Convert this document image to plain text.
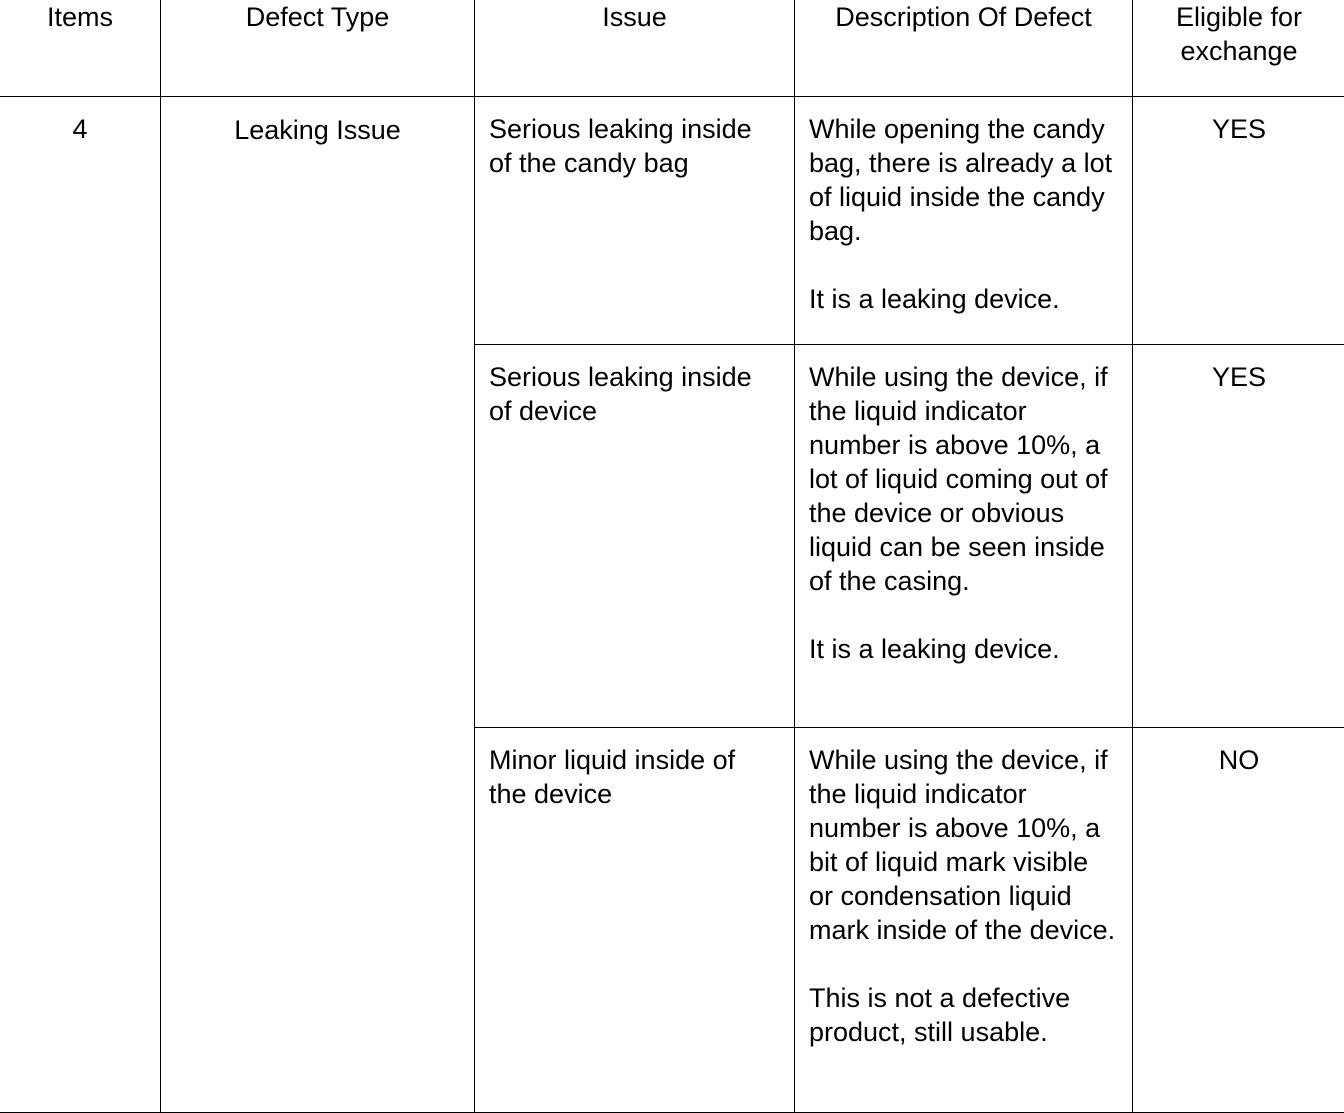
Items	Defect Type	Issue	Description Of Defect	Eligible for
exchange

4	Leaking Issue	Serious leaking inside of the candy bag	While opening the candy bag, there is already a lot of liquid inside the candy bag.
It is a leaking device.	YES
		Serious leaking inside of device	While using the device, if the liquid indicator number is above 10%, a lot of liquid coming out of the device or obvious liquid can be seen inside of the casing.
It is a leaking device.	YES
		Minor liquid inside of the device	While using the device, if the liquid indicator number is above 10%, a bit of liquid mark visible or condensation liquid mark inside of the device.
This is not a defective product, still usable.	NO
